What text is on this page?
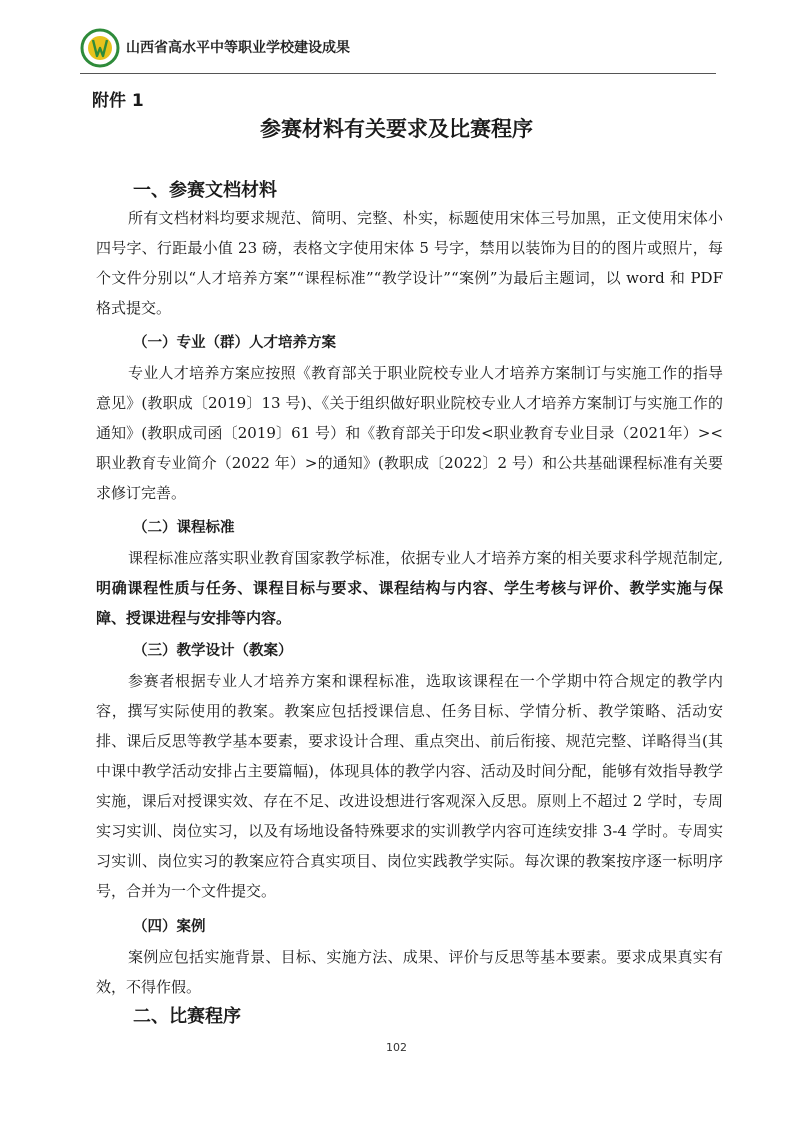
山西省高水平中等职业学校建设成果
附件 1
参赛材料有关要求及比赛程序
一、参赛文档材料

所有文档材料均要求规范、简明、完整、朴实，标题使用宋体三号加黑，正文使用宋体小四号字、行距最小值 23 磅，表格文字使用宋体 5 号字，禁用以装饰为目的的图片或照片，每个文件分别以“人才培养方案”“课程标准”“教学设计”“案例”为最后主题词，以 word 和 PDF 格式提交。

（一）专业（群）人才培养方案

专业人才培养方案应按照《教育部关于职业院校专业人才培养方案制订与实施工作的指导意见》(教职成〔2019〕13 号)、《关于组织做好职业院校专业人才培养方案制订与实施工作的通知》(教职成司函〔2019〕61 号）和《教育部关于印发<职业教育专业目录（2021年）><职业教育专业简介（2022 年）>的通知》(教职成〔2022〕2 号）和公共基础课程标准有关要求修订完善。

（二）课程标准

课程标准应落实职业教育国家教学标准，依据专业人才培养方案的相关要求科学规范制定,明确课程性质与任务、课程目标与要求、课程结构与内容、学生考核与评价、教学实施与保障、授课进程与安排等内容。

（三）教学设计（教案）

参赛者根据专业人才培养方案和课程标准，选取该课程在一个学期中符合规定的教学内容，撰写实际使用的教案。教案应包括授课信息、任务目标、学情分析、教学策略、活动安排、课后反思等教学基本要素，要求设计合理、重点突出、前后衔接、规范完整、详略得当(其中课中教学活动安排占主要篇幅)，体现具体的教学内容、活动及时间分配，能够有效指导教学实施，课后对授课实效、存在不足、改进设想进行客观深入反思。原则上不超过 2 学时，专周实习实训、岗位实习，以及有场地设备特殊要求的实训教学内容可连续安排 3-4 学时。专周实习实训、岗位实习的教案应符合真实项目、岗位实践教学实际。每次课的教案按序逐一标明序号，合并为一个文件提交。

（四）案例

案例应包括实施背景、目标、实施方法、成果、评价与反思等基本要素。要求成果真实有效，不得作假。

二、比赛程序
102
